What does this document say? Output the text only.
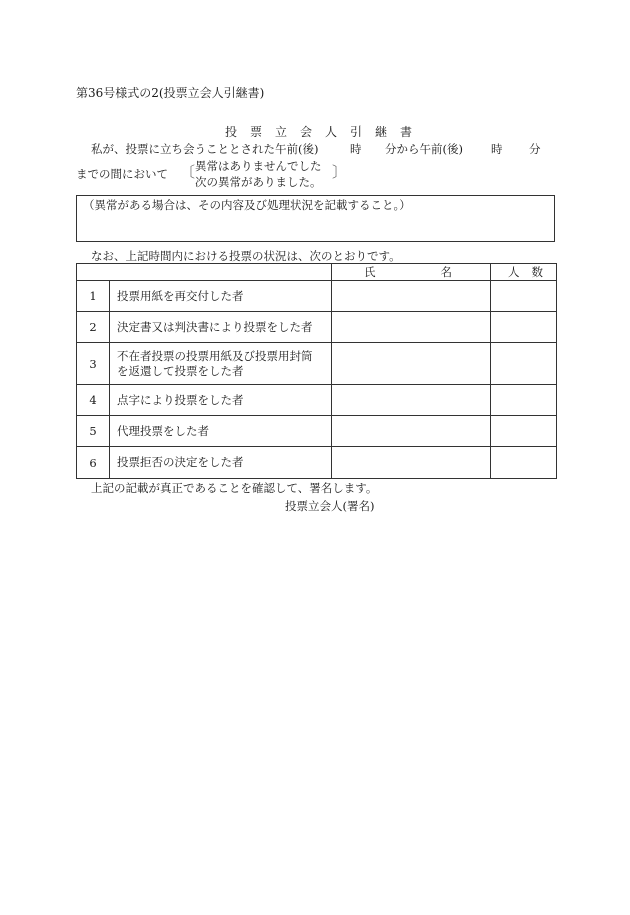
第36号様式の2(投票立会人引継書)
投票立会人引継書
私が、投票に立ち会うこととされた午前(後)	時 分から午前(後) 時 分
までの間において 〔 異常はありませんでした
次の異常がありました。
〕
（異常がある場合は、その内容及び処理状況を記載すること。）
なお、上記時間内における投票の状況は、次のとおりです。

		氏 名	人 数

1	投票用紙を再交付した者		
2	決定書又は判決書により投票をした者		
3	不在者投票の投票用紙及び投票用封筒を返還して投票をした者		
4	点字により投票をした者		
5	代理投票をした者		
6	投票拒否の決定をした者		
上記の記載が真正であることを確認して、署名します。
投票立会人(署名)
